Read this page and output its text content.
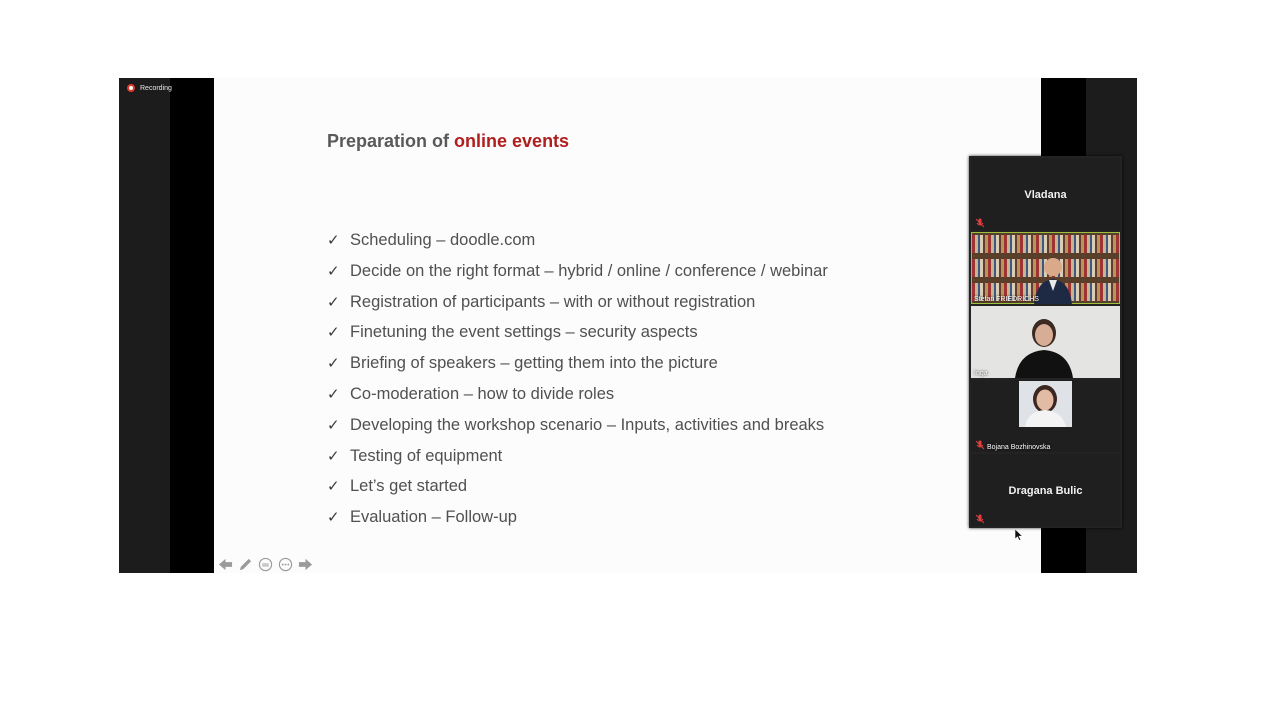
Recording
Preparation of online events
✓ Scheduling – doodle.com
✓ Decide on the right format – hybrid / online / conference / webinar
✓ Registration of participants – with or without registration
✓ Finetuning the event settings – security aspects
✓ Briefing of speakers – getting them into the picture
✓ Co-moderation – how to divide roles
✓ Developing the workshop scenario – Inputs, activities and breaks
✓ Testing of equipment
✓ Let’s get started
✓ Evaluation – Follow-up
Vladana
Stefan FRIEDRICHS
Inga
Bojana Bozhinovska
Dragana Bulic
